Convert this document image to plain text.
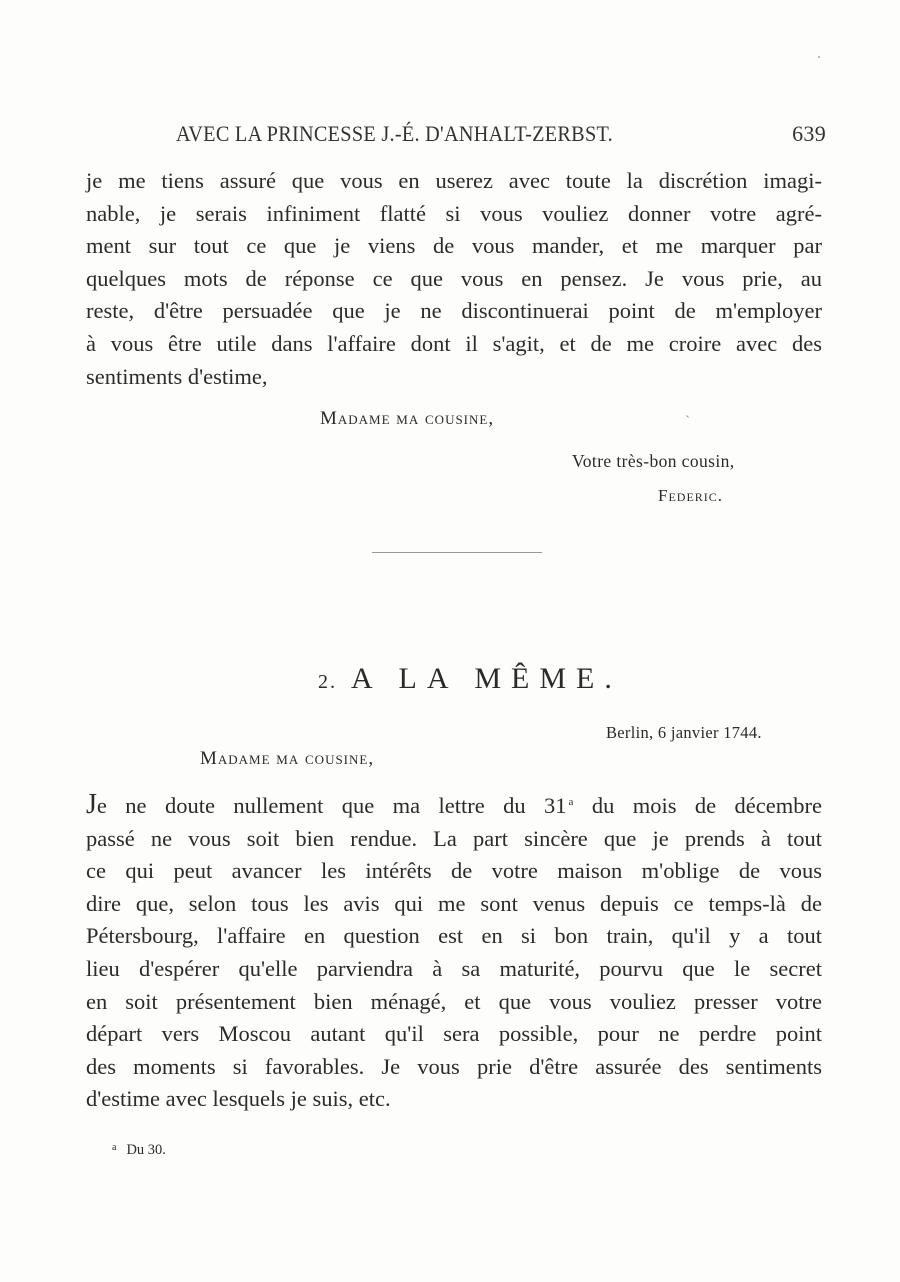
AVEC LA PRINCESSE J.-É. D'ANHALT-ZERBST.	639
je me tiens assuré que vous en userez avec toute la discrétion imagi-
nable, je serais infiniment flatté si vous vouliez donner votre agré-
ment sur tout ce que je viens de vous mander, et me marquer par
quelques mots de réponse ce que vous en pensez. Je vous prie, au
reste, d'être persuadée que je ne discontinuerai point de m'employer
à vous être utile dans l'affaire dont il s'agit, et de me croire avec des
sentiments d'estime,
Madame ma cousine,
Votre très-bon cousin,
Federic.
2. A LA MÊME.
Berlin, 6 janvier 1744.
Madame ma cousine,
Je ne doute nullement que ma lettre du 31 $^a$ du mois de décembre
passé ne vous soit bien rendue. La part sincère que je prends à tout
ce qui peut avancer les intérêts de votre maison m'oblige de vous
dire que, selon tous les avis qui me sont venus depuis ce temps-là de
Pétersbourg, l'affaire en question est en si bon train, qu'il y a tout
lieu d'espérer qu'elle parviendra à sa maturité, pourvu que le secret
en soit présentement bien ménagé, et que vous vouliez presser votre
départ vers Moscou autant qu'il sera possible, pour ne perdre point
des moments si favorables. Je vous prie d'être assurée des sentiments
d'estime avec lesquels je suis, etc.
$^a$ Du 30.
